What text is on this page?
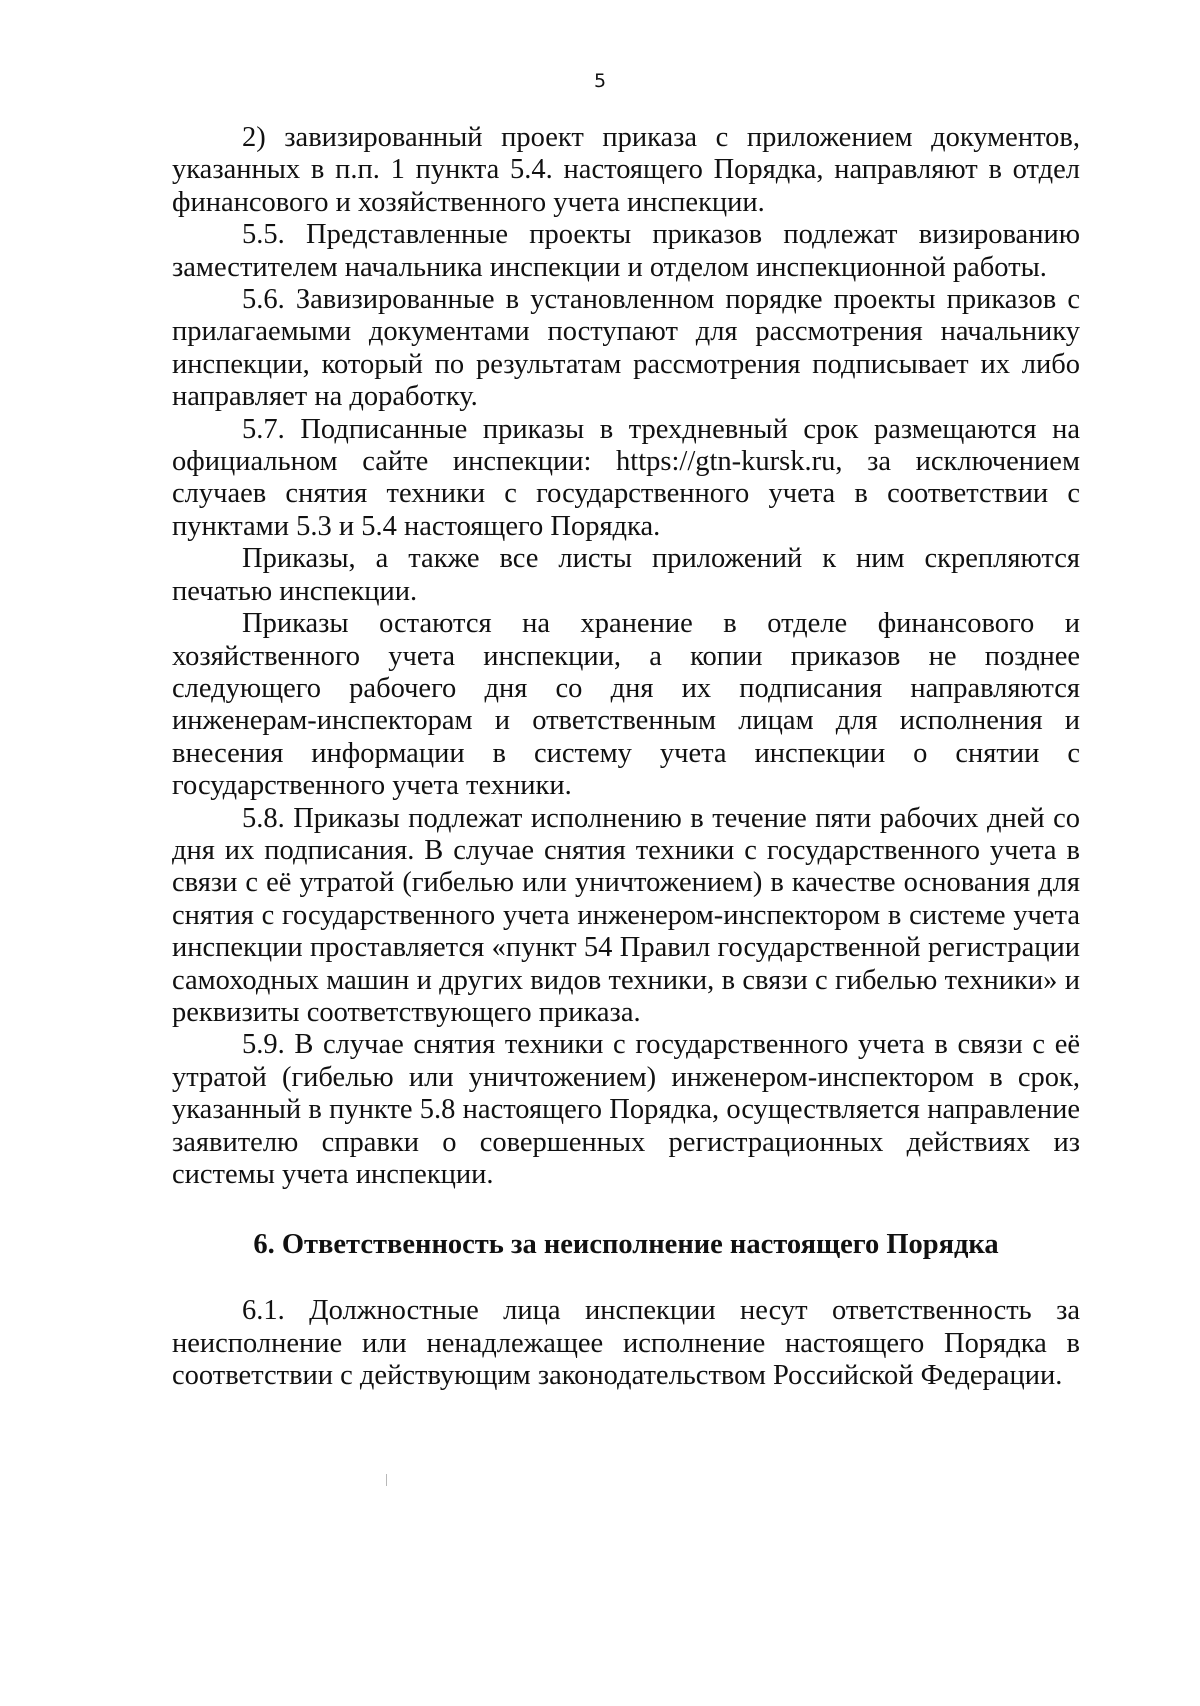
5

2) завизированный проект приказа с приложением документов, указанных в п.п. 1 пункта 5.4. настоящего Порядка, направляют в отдел финансового и хозяйственного учета инспекции.

5.5. Представленные проекты приказов подлежат визированию заместителем начальника инспекции и отделом инспекционной работы.

5.6. Завизированные в установленном порядке проекты приказов с прилагаемыми документами поступают для рассмотрения начальнику инспекции, который по результатам рассмотрения подписывает их либо направляет на доработку.

5.7. Подписанные приказы в трехдневный срок размещаются на официальном сайте инспекции: https://gtn-kursk.ru, за исключением случаев снятия техники с государственного учета в соответствии с пунктами 5.3 и 5.4 настоящего Порядка.

Приказы, а также все листы приложений к ним скрепляются печатью инспекции.

Приказы остаются на хранение в отделе финансового и хозяйственного учета инспекции, а копии приказов не позднее следующего рабочего дня со дня их подписания направляются инженерам-инспекторам и ответственным лицам для исполнения и внесения информации в систему учета инспекции о снятии с государственного учета техники.

5.8. Приказы подлежат исполнению в течение пяти рабочих дней со дня их подписания. В случае снятия техники с государственного учета в связи с её утратой (гибелью или уничтожением) в качестве основания для снятия с государственного учета инженером-инспектором в системе учета инспекции проставляется «пункт 54 Правил государственной регистрации самоходных машин и других видов техники, в связи с гибелью техники» и реквизиты соответствующего приказа.

5.9. В случае снятия техники с государственного учета в связи с её утратой (гибелью или уничтожением) инженером-инспектором в срок, указанный в пункте 5.8 настоящего Порядка, осуществляется направление заявителю справки о совершенных регистрационных действиях из системы учета инспекции.

6. Ответственность за неисполнение настоящего Порядка

6.1. Должностные лица инспекции несут ответственность за неисполнение или ненадлежащее исполнение настоящего Порядка в соответствии с действующим законодательством Российской Федерации.
